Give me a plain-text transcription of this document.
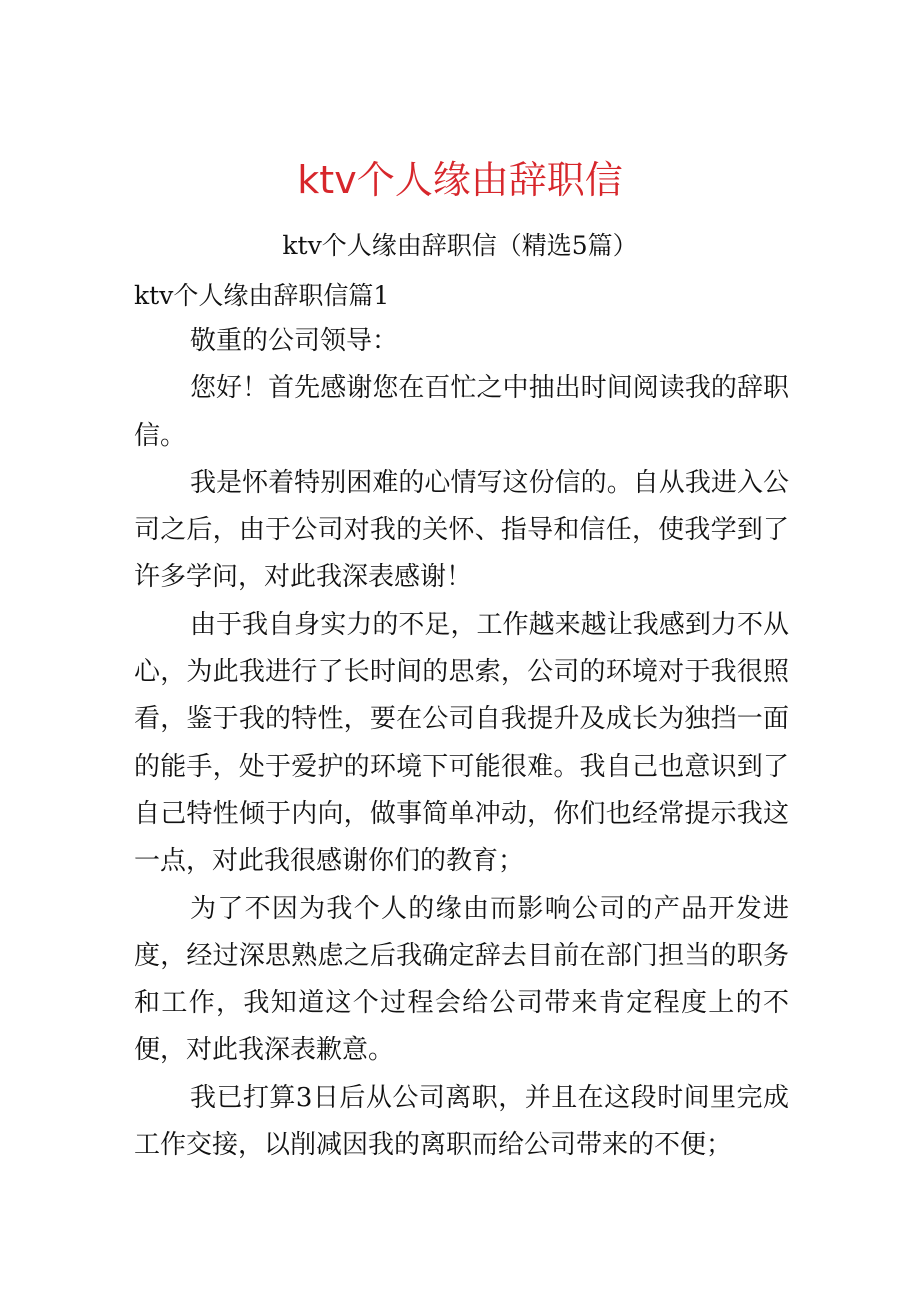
ktv个人缘由辞职信
ktv个人缘由辞职信（精选5篇）
ktv个人缘由辞职信篇1

敬重的公司领导：

您好！首先感谢您在百忙之中抽出时间阅读我的辞职信。

我是怀着特别困难的心情写这份信的。自从我进入公司之后，由于公司对我的关怀、指导和信任，使我学到了许多学问，对此我深表感谢！

由于我自身实力的不足，工作越来越让我感到力不从心，为此我进行了长时间的思索，公司的环境对于我很照看，鉴于我的特性，要在公司自我提升及成长为独挡一面的能手，处于爱护的环境下可能很难。我自己也意识到了自己特性倾于内向，做事简单冲动，你们也经常提示我这一点，对此我很感谢你们的教育；

为了不因为我个人的缘由而影响公司的产品开发进度，经过深思熟虑之后我确定辞去目前在部门担当的职务和工作，我知道这个过程会给公司带来肯定程度上的不便，对此我深表歉意。

我已打算3日后从公司离职，并且在这段时间里完成工作交接，以削减因我的离职而给公司带来的不便；
